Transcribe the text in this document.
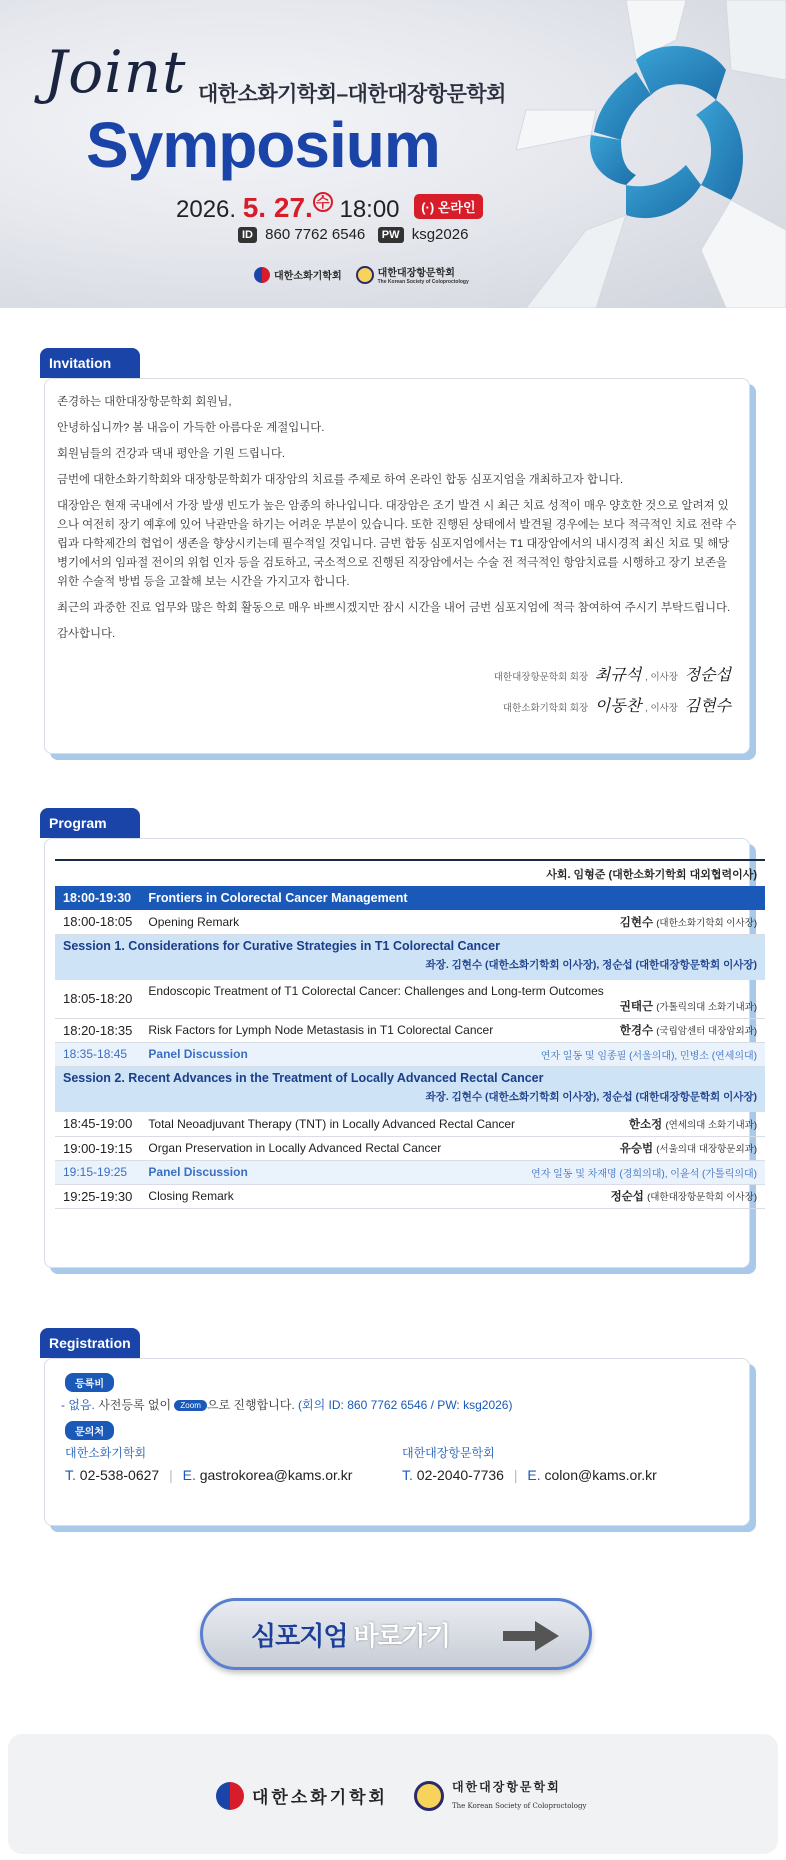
Joint 대한소화기학회–대한대장항문학회
Symposium
2026. 5. 27. 수 18:00 (·) 온라인
ID 860 7762 6546 PW ksg2026
대한소화기학회	대한대장항문학회
The Korean Society of Coloproctology
Invitation

존경하는 대한대장항문학회 회원님,

안녕하십니까? 봄 내음이 가득한 아름다운 계절입니다.

회원님들의 건강과 댁내 평안을 기원 드립니다.

금번에 대한소화기학회와 대장항문학회가 대장암의 치료를 주제로 하여 온라인 합동 심포지엄을 개최하고자 합니다.

대장암은 현재 국내에서 가장 발생 빈도가 높은 암종의 하나입니다. 대장암은 조기 발견 시 최근 치료 성적이 매우 양호한 것으로 알려져 있으나 여전히 장기 예후에 있어 낙관만을 하기는 어려운 부분이 있습니다. 또한 진행된 상태에서 발견될 경우에는 보다 적극적인 치료 전략 수립과 다학제간의 협업이 생존을 향상시키는데 필수적일 것입니다. 금번 합동 심포지엄에서는 T1 대장암에서의 내시경적 최신 치료 및 해당 병기에서의 임파절 전이의 위험 인자 등을 검토하고, 국소적으로 진행된 직장암에서는 수술 전 적극적인 항암치료를 시행하고 장기 보존을 위한 수술적 방법 등을 고찰해 보는 시간을 가지고자 합니다.

최근의 과중한 진료 업무와 많은 학회 활동으로 매우 바쁘시겠지만 잠시 시간을 내어 금번 심포지엄에 적극 참여하여 주시기 부탁드립니다.

감사합니다.

대한대장항문학회 회장 최규석 , 이사장 정순섭
대한소화기학회 회장 이동찬 , 이사장 김현수
Program
사회. 임형준 (대한소화기학회 대외협력이사)		
18:00-19:30	Frontiers in Colorectal Cancer Management	
18:00-18:05	Opening Remark	김현수 (대한소화기학회 이사장)
Session 1. Considerations for Curative Strategies in T1 Colorectal Cancer
좌장. 김현수 (대한소화기학회 이사장), 정순섭 (대한대장항문학회 이사장)		

18:05-18:20	Endoscopic Treatment of T1 Colorectal Cancer: Challenges and Long-term Outcomes
권태근 (가톨릭의대 소화기내과)	

18:20-18:35	Risk Factors for Lymph Node Metastasis in T1 Colorectal Cancer	한경수 (국립암센터 대장암외과)
18:35-18:45	Panel Discussion	연자 일동 및 임종필 (서울의대), 민병소 (연세의대)
Session 2. Recent Advances in the Treatment of Locally Advanced Rectal Cancer
좌장. 김현수 (대한소화기학회 이사장), 정순섭 (대한대장항문학회 이사장)		

18:45-19:00	Total Neoadjuvant Therapy (TNT) in Locally Advanced Rectal Cancer	한소정 (연세의대 소화기내과)
19:00-19:15	Organ Preservation in Locally Advanced Rectal Cancer	유승범 (서울의대 대장항문외과)
19:15-19:25	Panel Discussion	연자 일동 및 차재명 (경희의대), 이윤석 (가톨릭의대)
19:25-19:30	Closing Remark	정순섭 (대한대장항문학회 이사장)
Registration
등록비
- 없음. 사전등록 없이 Zoom 으로 진행합니다. (회의 ID: 860 7762 6546 / PW: ksg2026)
문의처
대한소화기학회
T. 02-538-0627 | E. gastrokorea@kams.or.kr
대한대장항문학회
T. 02-2040-7736 | E. colon@kams.or.kr
심포지엄 바로가기
대한소화기학회
대한대장항문학회
The Korean Society of Coloproctology
